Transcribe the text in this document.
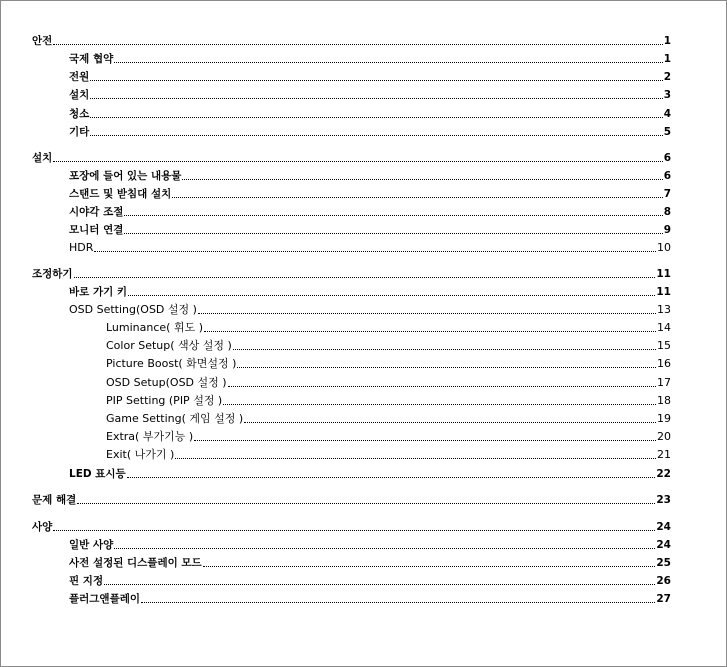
안전	1
국제 협약	1
전원	2
설치	3
청소	4
기타	5
설치	6
포장에 들어 있는 내용물	6
스탠드 및 받침대 설치	7
시야각 조절	8
모니터 연결	9
HDR	10
조정하기	11
바로 가기 키	11
OSD Setting(OSD 설정 )	13
Luminance( 휘도 )	14
Color Setup( 색상 설정 )	15
Picture Boost( 화면설정 )	16
OSD Setup(OSD 설정 )	17
PIP Setting (PIP 설정 )	18
Game Setting( 게임 설정 )	19
Extra( 부가기능 )	20
Exit( 나가기 )	21
LED 표시등	22
문제 해결	23
사양	24
일반 사양	24
사전 설정된 디스플레이 모드	25
핀 지정	26
플러그앤플레이	27
